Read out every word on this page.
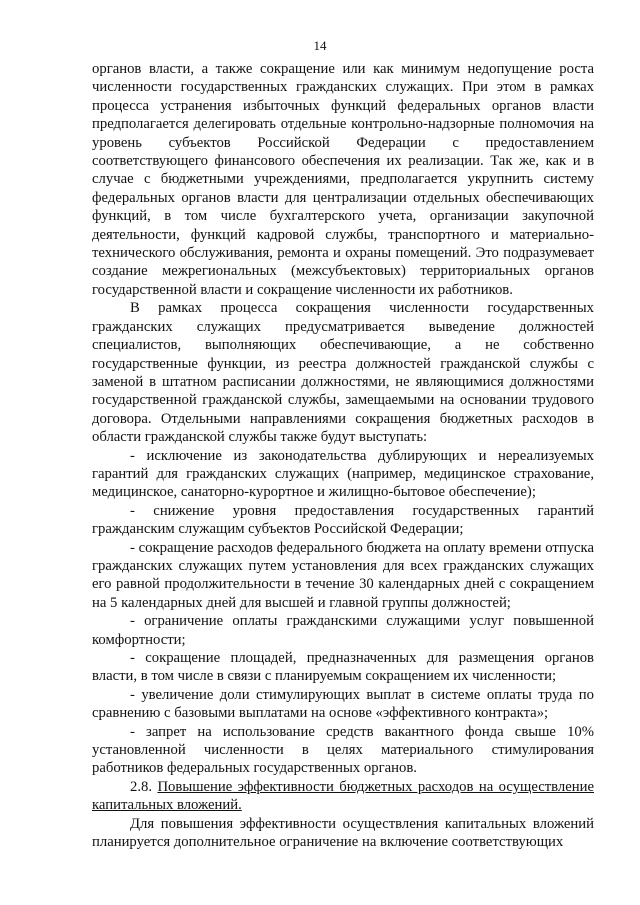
14

органов власти, а также сокращение или как минимум недопущение роста численности государственных гражданских служащих. При этом в рамках процесса устранения избыточных функций федеральных органов власти предполагается делегировать отдельные контрольно-надзорные полномочия на уровень субъектов Российской Федерации с предоставлением соответствующего финансового обеспечения их реализации. Так же, как и в случае с бюджетными учреждениями, предполагается укрупнить систему федеральных органов власти для централизации отдельных обеспечивающих функций, в том числе бухгалтерского учета, организации закупочной деятельности, функций кадровой службы, транспортного и материально-технического обслуживания, ремонта и охраны помещений. Это подразумевает создание межрегиональных (межсубъектовых) территориальных органов государственной власти и сокращение численности их работников.

В рамках процесса сокращения численности государственных гражданских служащих предусматривается выведение должностей специалистов, выполняющих обеспечивающие, а не собственно государственные функции, из реестра должностей гражданской службы с заменой в штатном расписании должностями, не являющимися должностями государственной гражданской службы, замещаемыми на основании трудового договора. Отдельными направлениями сокращения бюджетных расходов в области гражданской службы также будут выступать:

- исключение из законодательства дублирующих и нереализуемых гарантий для гражданских служащих (например, медицинское страхование, медицинское, санаторно-курортное и жилищно-бытовое обеспечение);

- снижение уровня предоставления государственных гарантий гражданским служащим субъектов Российской Федерации;

- сокращение расходов федерального бюджета на оплату времени отпуска гражданских служащих путем установления для всех гражданских служащих его равной продолжительности в течение 30 календарных дней с сокращением на 5 календарных дней для высшей и главной группы должностей;

- ограничение оплаты гражданскими служащими услуг повышенной комфортности;

- сокращение площадей, предназначенных для размещения органов власти, в том числе в связи с планируемым сокращением их численности;

- увеличение доли стимулирующих выплат в системе оплаты труда по сравнению с базовыми выплатами на основе «эффективного контракта»;

- запрет на использование средств вакантного фонда свыше 10% установленной численности в целях материального стимулирования работников федеральных государственных органов.

2.8. Повышение эффективности бюджетных расходов на осуществление капитальных вложений.

Для повышения эффективности осуществления капитальных вложений планируется дополнительное ограничение на включение соответствующих
